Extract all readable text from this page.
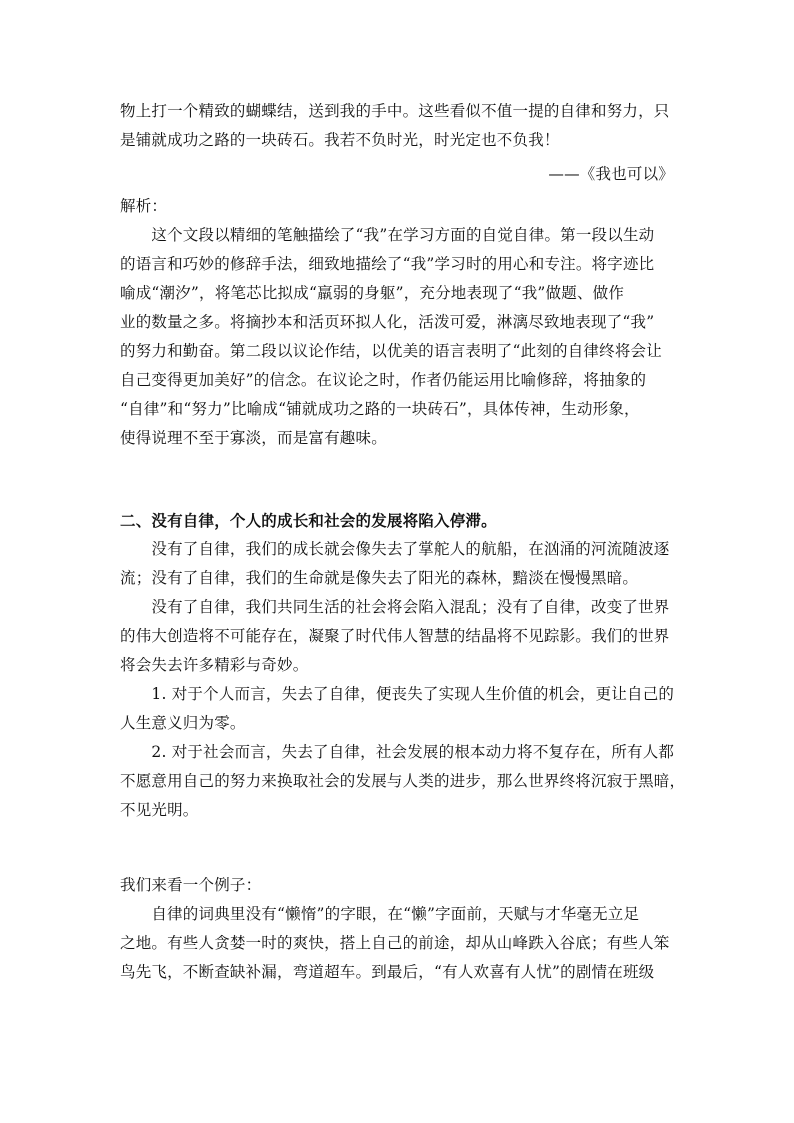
物上打一个精致的蝴蝶结，送到我的手中。这些看似不值一提的自律和努力，只
是铺就成功之路的一块砖石。我若不负时光，时光定也不负我！
——《我也可以》
解析：
　　这个文段以精细的笔触描绘了“我”在学习方面的自觉自律。第一段以生动
的语言和巧妙的修辞手法，细致地描绘了“我”学习时的用心和专注。将字迹比
喻成“潮汐”，将笔芯比拟成“羸弱的身躯”，充分地表现了“我”做题、做作
业的数量之多。将摘抄本和活页环拟人化，活泼可爱，淋漓尽致地表现了“我”
的努力和勤奋。第二段以议论作结，以优美的语言表明了“此刻的自律终将会让
自己变得更加美好”的信念。在议论之时，作者仍能运用比喻修辞，将抽象的
“自律”和“努力”比喻成“铺就成功之路的一块砖石”，具体传神，生动形象，
使得说理不至于寡淡，而是富有趣味。
二、没有自律，个人的成长和社会的发展将陷入停滞。
　　没有了自律，我们的成长就会像失去了掌舵人的航船，在汹涌的河流随波逐
流；没有了自律，我们的生命就是像失去了阳光的森林，黯淡在慢慢黑暗。
　　没有了自律，我们共同生活的社会将会陷入混乱；没有了自律，改变了世界
的伟大创造将不可能存在，凝聚了时代伟人智慧的结晶将不见踪影。我们的世界
将会失去许多精彩与奇妙。
　　1. 对于个人而言，失去了自律，便丧失了实现人生价值的机会，更让自己的
人生意义归为零。
　　2. 对于社会而言，失去了自律，社会发展的根本动力将不复存在，所有人都
不愿意用自己的努力来换取社会的发展与人类的进步，那么世界终将沉寂于黑暗，
不见光明。
我们来看一个例子：
　　自律的词典里没有“懒惰”的字眼，在“懒”字面前，天赋与才华毫无立足
之地。有些人贪婪一时的爽快，搭上自己的前途，却从山峰跌入谷底；有些人笨
鸟先飞，不断查缺补漏，弯道超车。到最后，“有人欢喜有人忧”的剧情在班级
